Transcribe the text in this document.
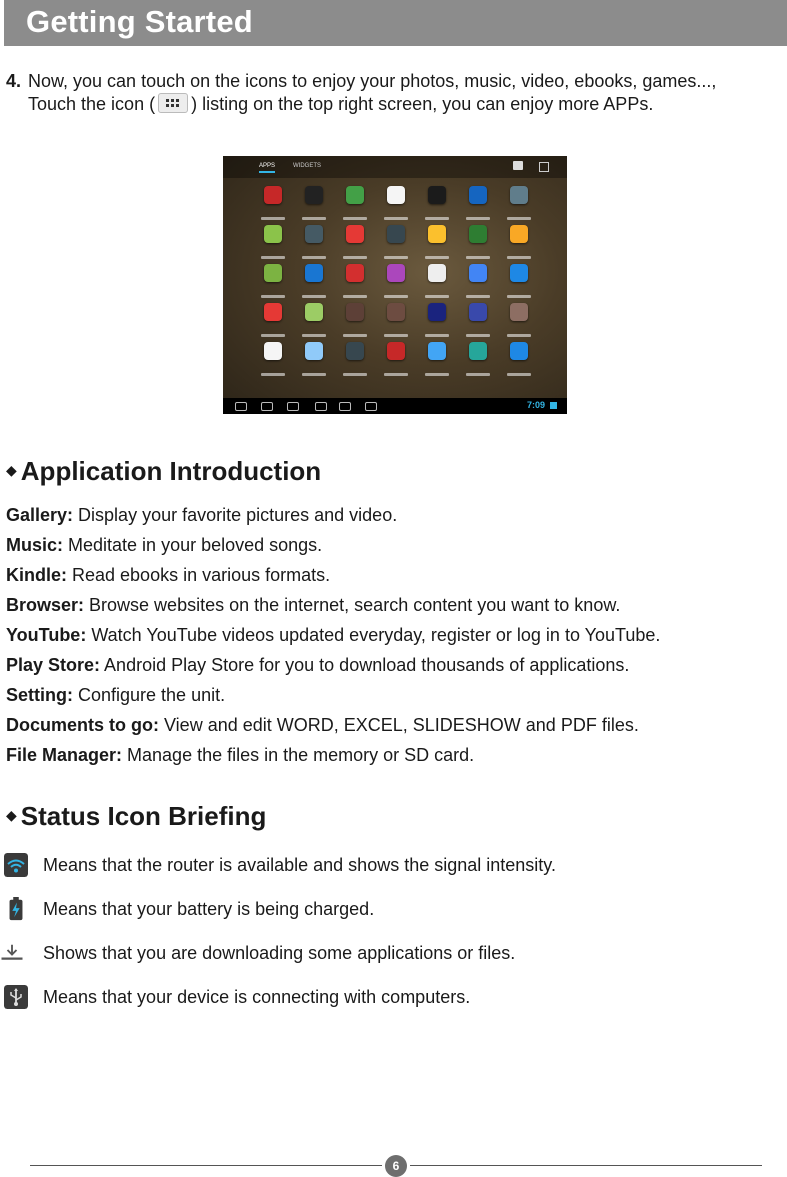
Getting Started
4. Now, you can touch on the icons to enjoy your photos, music, video, ebooks, games..., Touch the icon ( ) listing on the top right screen, you can enjoy more APPs.
APPS	WIDGETS
7:09
◆ Application Introduction
Gallery: Display your favorite pictures and video.
Music: Meditate in your beloved songs.
Kindle: Read ebooks in various formats.
Browser: Browse websites on the internet, search content you want to know.
YouTube: Watch YouTube videos updated everyday, register or log in to YouTube.
Play Store: Android Play Store for you to download thousands of applications.
Setting: Configure the unit.
Documents to go: View and edit WORD, EXCEL, SLIDESHOW and PDF files.
File Manager: Manage the files in the memory or SD card.
◆ Status Icon Briefing
Means that the router is available and shows the signal intensity.
Means that your battery is being charged.
Shows that you are downloading some applications or files.
Means that your device is connecting with computers.
6
